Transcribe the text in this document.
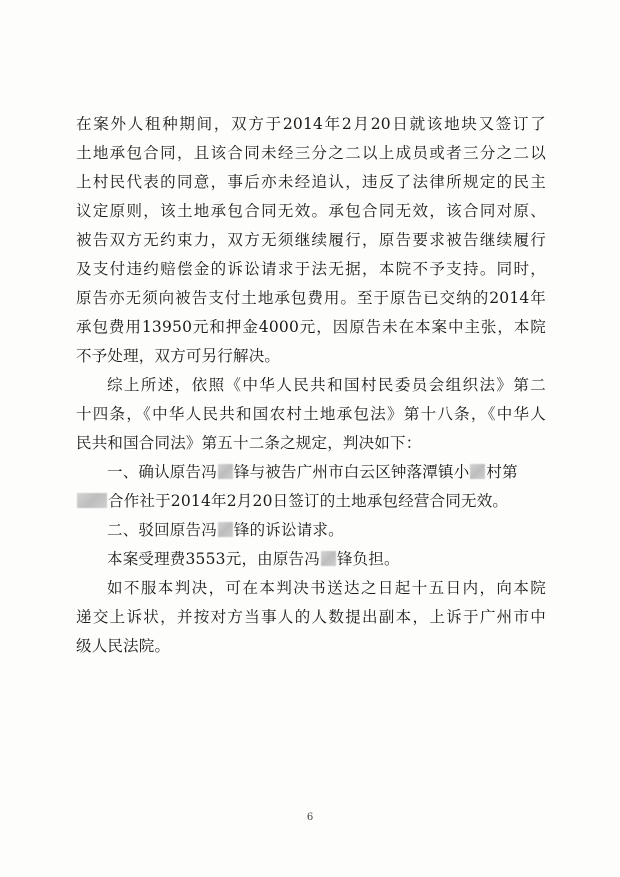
在案外人租种期间，双方于2014年2月20日就该地块又签订了
土地承包合同，且该合同未经三分之二以上成员或者三分之二以
上村民代表的同意，事后亦未经追认，违反了法律所规定的民主
议定原则，该土地承包合同无效。承包合同无效，该合同对原、
被告双方无约束力，双方无须继续履行，原告要求被告继续履行
及支付违约赔偿金的诉讼请求于法无据，本院不予支持。同时，
原告亦无须向被告支付土地承包费用。至于原告已交纳的2014年
承包费用13950元和押金4000元，因原告未在本案中主张，本院
不予处理，双方可另行解决。
综上所述，依照《中华人民共和国村民委员会组织法》第二
十四条，《中华人民共和国农村土地承包法》第十八条，《中华人
民共和国合同法》第五十二条之规定，判决如下：
一、确认原告冯 锋与被告广州市白云区钟落潭镇小 村第
合作社于2014年2月20日签订的土地承包经营合同无效。
二、驳回原告冯 锋的诉讼请求。
本案受理费3553元，由原告冯 锋负担。
如不服本判决，可在本判决书送达之日起十五日内，向本院
递交上诉状，并按对方当事人的人数提出副本，上诉于广州市中
级人民法院。
6
